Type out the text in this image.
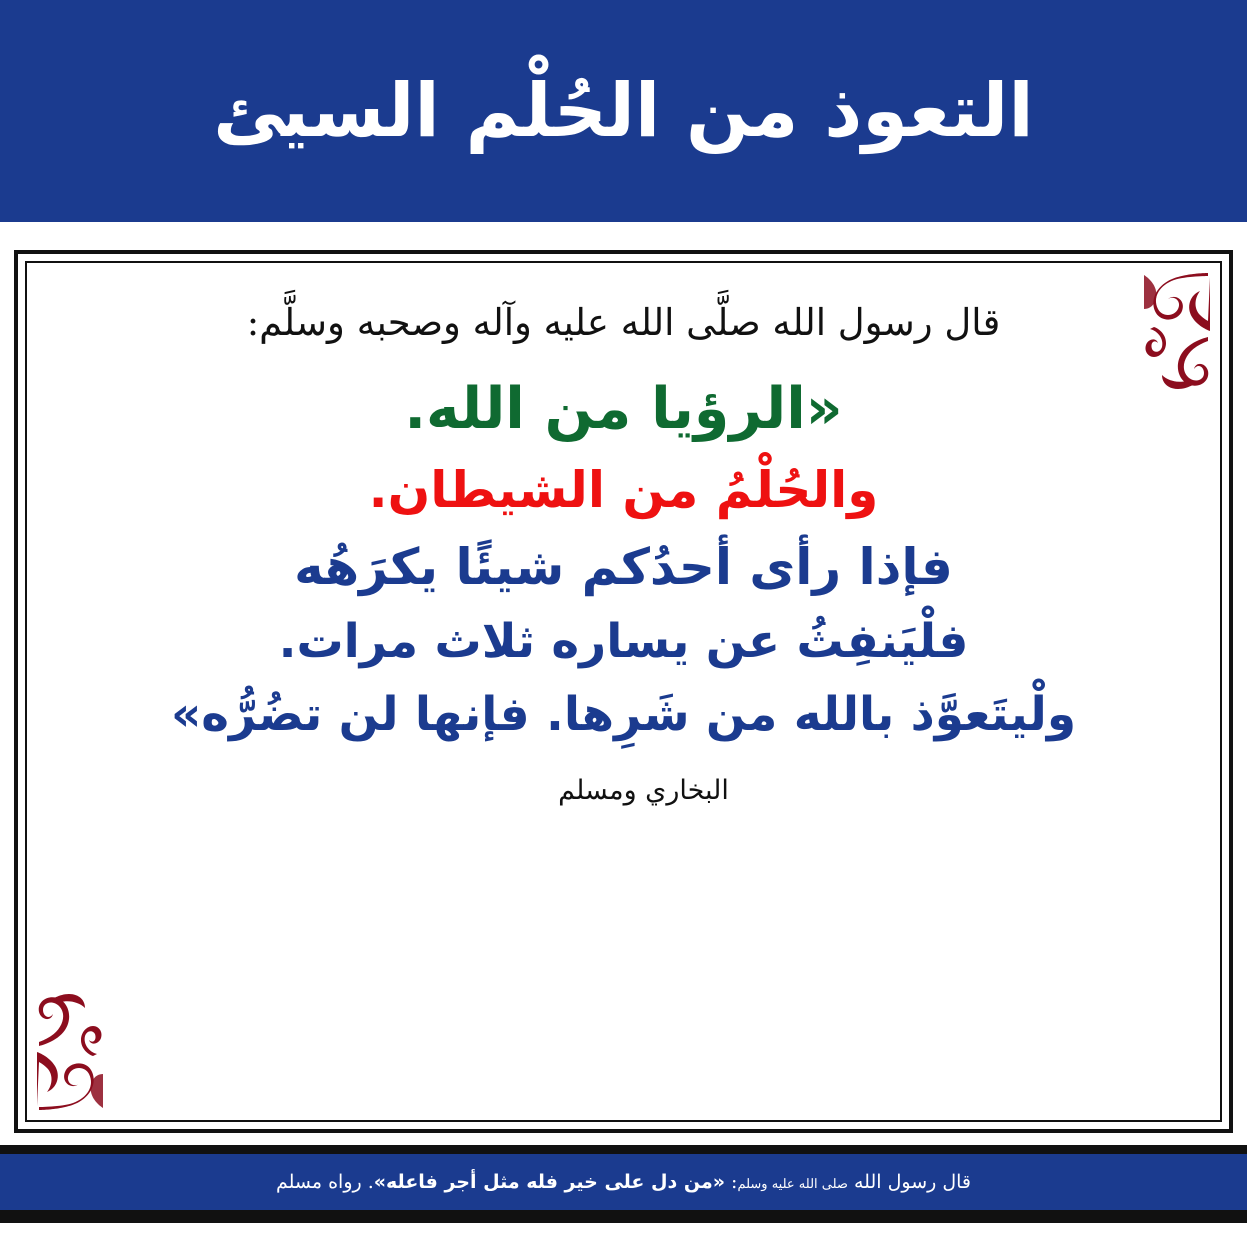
التعوذ من الحُلْم السيئ
قال رسول الله صلَّى الله عليه وآله وصحبه وسلَّم:
«الرؤيا من الله.
والحُلْمُ من الشيطان.
فإذا رأى أحدُكم شيئًا يكرَهُه
فلْيَنفِثُ عن يساره ثلاث مرات.
ولْيتَعوَّذ بالله من شَرِها. فإنها لن تضُرُّه»
البخاري ومسلم
قال رسول الله صلى الله عليه وسلم: «من دل على خير فله مثل أجر فاعله». رواه مسلم
